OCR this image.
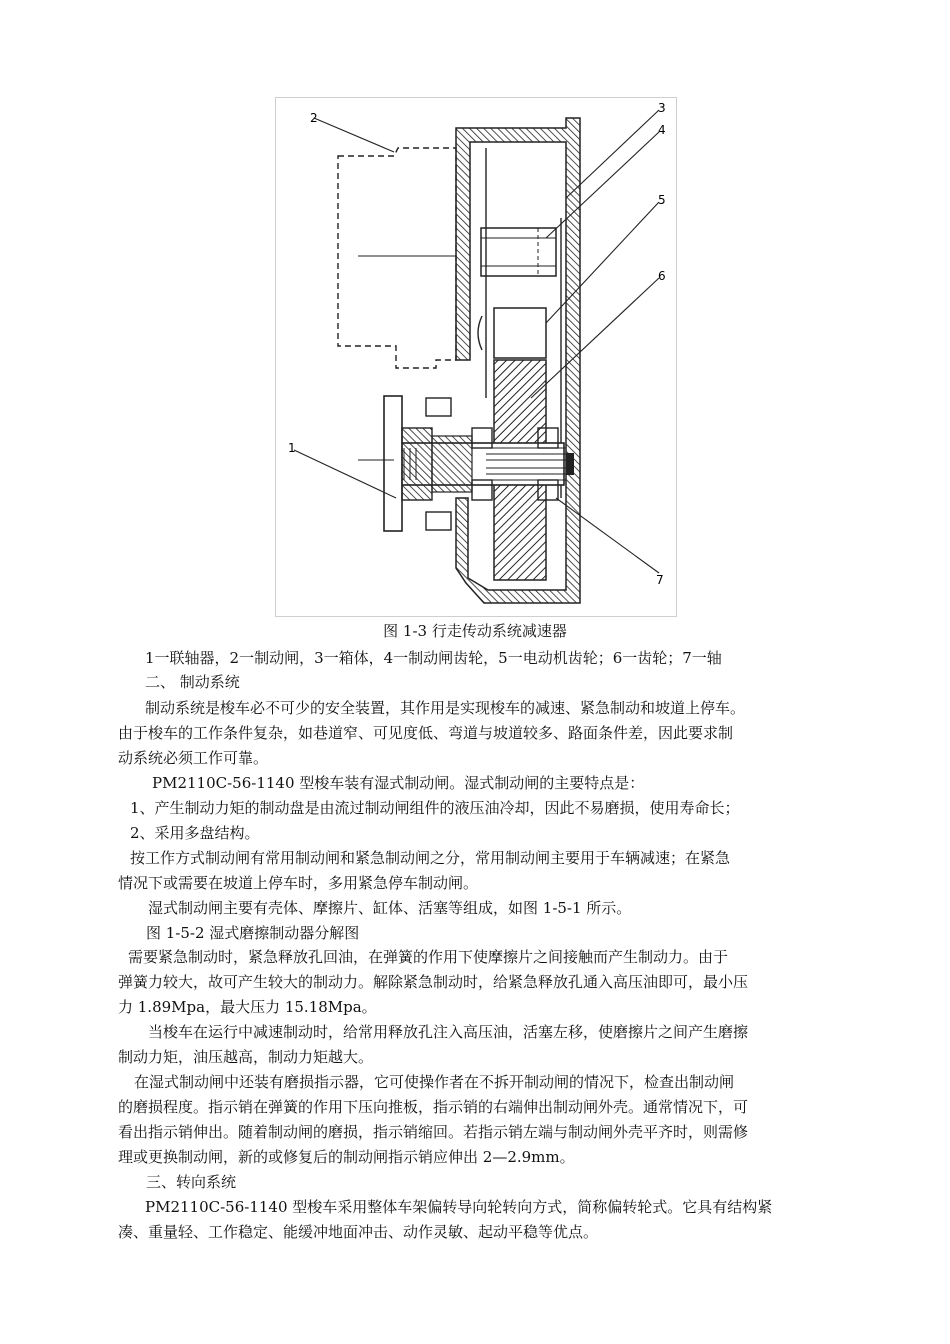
2
3
4
5
6
1
7
图 1-3 行走传动系统减速器
1一联轴器，2一制动闸，3一箱体，4一制动闸齿轮，5一电动机齿轮；6一齿轮；7一轴
二、 制动系统
制动系统是梭车必不可少的安全装置，其作用是实现梭车的减速、紧急制动和坡道上停车。
由于梭车的工作条件复杂，如巷道窄、可见度低、弯道与坡道较多、路面条件差，因此要求制
动系统必须工作可靠。
PM2110C-56-1140 型梭车装有湿式制动闸。湿式制动闸的主要特点是：
1、产生制动力矩的制动盘是由流过制动闸组件的液压油冷却，因此不易磨损，使用寿命长；
2、采用多盘结构。
按工作方式制动闸有常用制动闸和紧急制动闸之分，常用制动闸主要用于车辆减速；在紧急
情况下或需要在坡道上停车时，多用紧急停车制动闸。
湿式制动闸主要有壳体、摩擦片、缸体、活塞等组成，如图 1-5-1 所示。
图 1-5-2 湿式磨擦制动器分解图
需要紧急制动时，紧急释放孔回油，在弹簧的作用下使摩擦片之间接触而产生制动力。由于
弹簧力较大，故可产生较大的制动力。解除紧急制动时，给紧急释放孔通入高压油即可，最小压
力 1.89Mpa，最大压力 15.18Mpa。
当梭车在运行中减速制动时，给常用释放孔注入高压油，活塞左移，使磨擦片之间产生磨擦
制动力矩，油压越高，制动力矩越大。
在湿式制动闸中还装有磨损指示器，它可使操作者在不拆开制动闸的情况下，检查出制动闸
的磨损程度。指示销在弹簧的作用下压向推板，指示销的右端伸出制动闸外壳。通常情况下，可
看出指示销伸出。随着制动闸的磨损，指示销缩回。若指示销左端与制动闸外壳平齐时，则需修
理或更换制动闸，新的或修复后的制动闸指示销应伸出 2—2.9mm。
三、转向系统
PM2110C-56-1140 型梭车采用整体车架偏转导向轮转向方式，简称偏转轮式。它具有结构紧
凑、重量轻、工作稳定、能缓冲地面冲击、动作灵敏、起动平稳等优点。
